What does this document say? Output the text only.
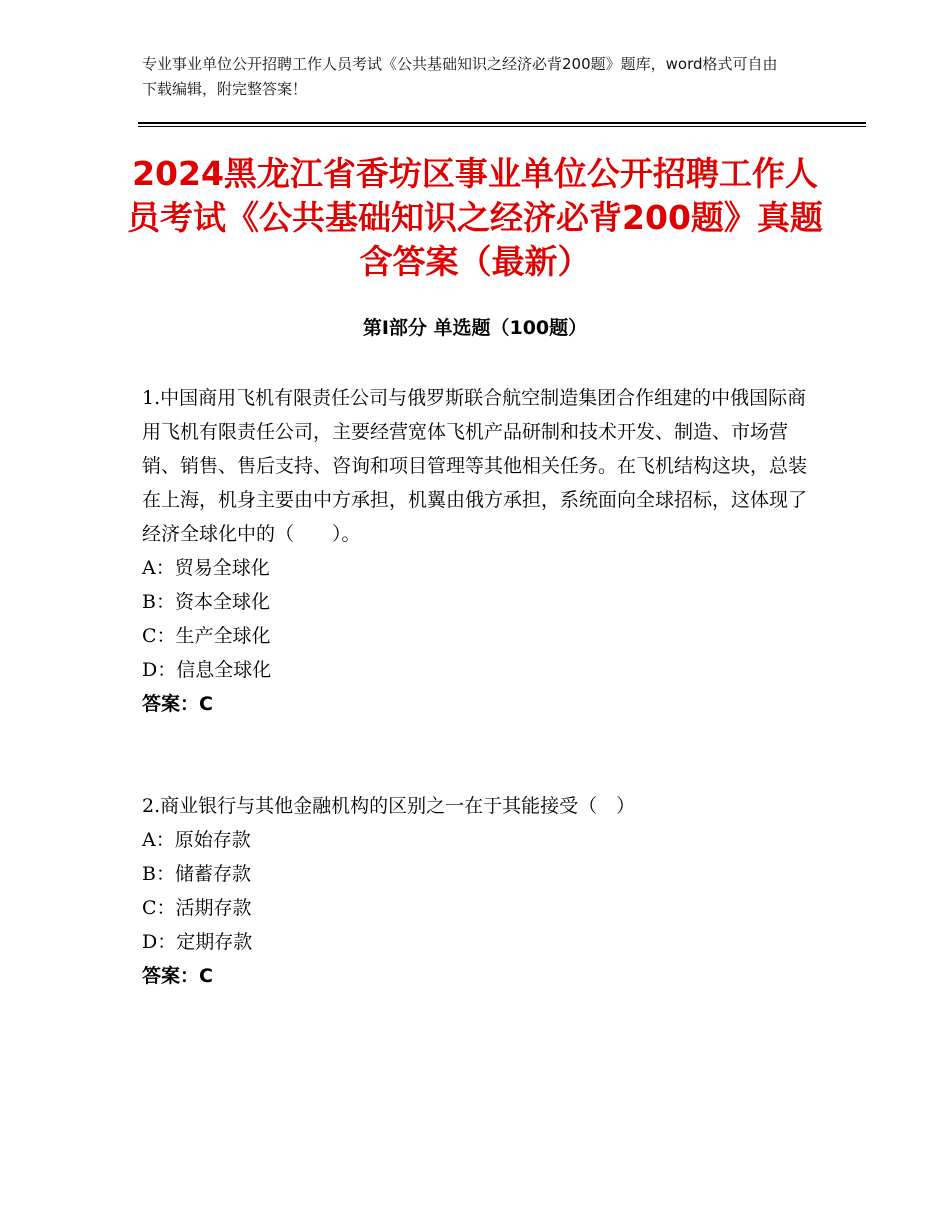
专业事业单位公开招聘工作人员考试《公共基础知识之经济必背200题》题库，word格式可自由下载编辑，附完整答案！
2024黑龙江省香坊区事业单位公开招聘工作人员考试《公共基础知识之经济必背200题》真题含答案（最新）
第Ⅰ部分 单选题（100题）
1.中国商用飞机有限责任公司与俄罗斯联合航空制造集团合作组建的中俄国际商用飞机有限责任公司，主要经营宽体飞机产品研制和技术开发、制造、市场营销、销售、售后支持、咨询和项目管理等其他相关任务。在飞机结构这块，总装在上海，机身主要由中方承担，机翼由俄方承担，系统面向全球招标，这体现了经济全球化中的（　　）。
A：贸易全球化
B：资本全球化
C：生产全球化
D：信息全球化
答案：C
2.商业银行与其他金融机构的区别之一在于其能接受（　）
A：原始存款
B：储蓄存款
C：活期存款
D：定期存款
答案：C
